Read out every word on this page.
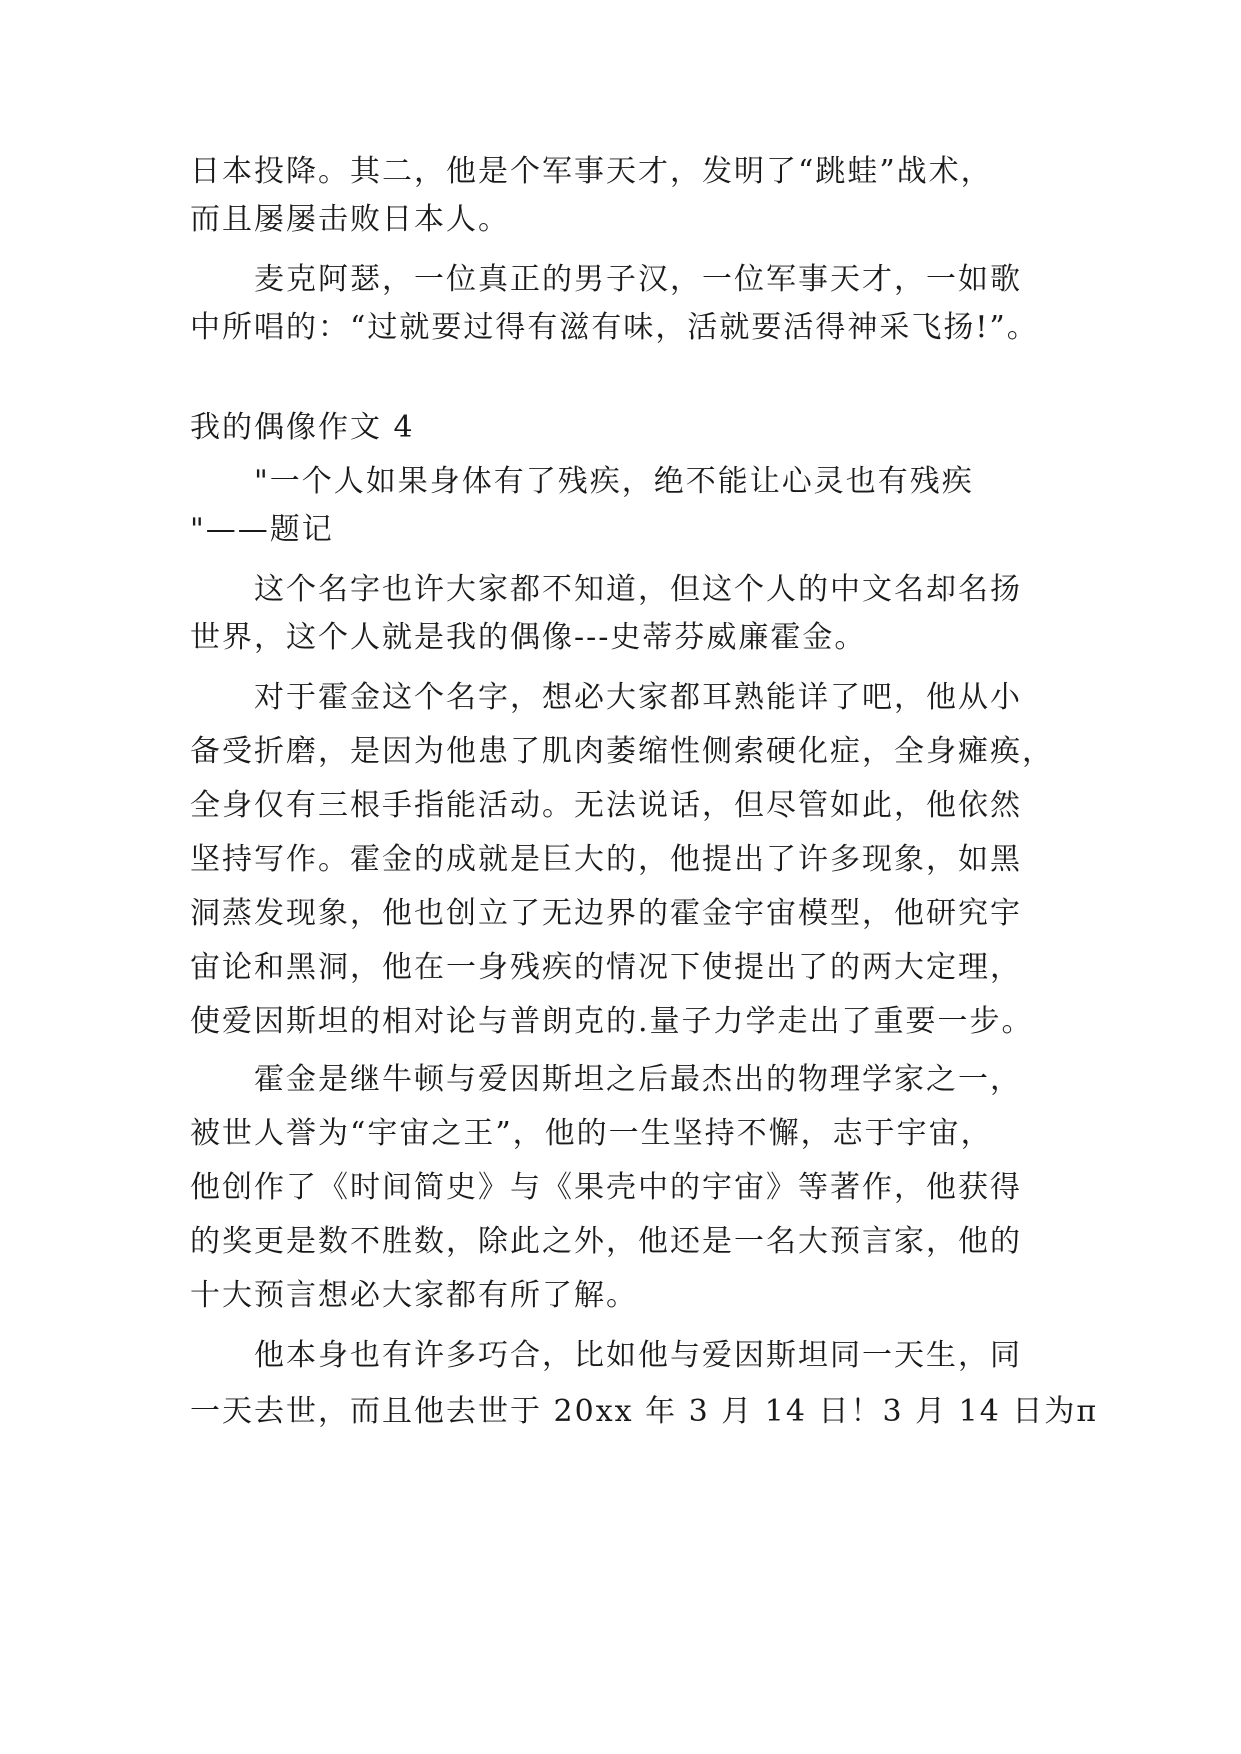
日本投降。其二，他是个军事天才，发明了“跳蛙”战术，
而且屡屡击败日本人。
麦克阿瑟，一位真正的男子汉，一位军事天才，一如歌
中所唱的：“过就要过得有滋有味，活就要活得神采飞扬!”。
我的偶像作文 4
"一个人如果身体有了残疾，绝不能让心灵也有残疾
"——题记
这个名字也许大家都不知道，但这个人的中文名却名扬
世界，这个人就是我的偶像---史蒂芬威廉霍金。
对于霍金这个名字，想必大家都耳熟能详了吧，他从小
备受折磨，是因为他患了肌肉萎缩性侧索硬化症，全身瘫痪，
全身仅有三根手指能活动。无法说话，但尽管如此，他依然
坚持写作。霍金的成就是巨大的，他提出了许多现象，如黑
洞蒸发现象，他也创立了无边界的霍金宇宙模型，他研究宇
宙论和黑洞，他在一身残疾的情况下使提出了的两大定理，
使爱因斯坦的相对论与普朗克的.量子力学走出了重要一步。
霍金是继牛顿与爱因斯坦之后最杰出的物理学家之一，
被世人誉为“宇宙之王”，他的一生坚持不懈，志于宇宙，
他创作了《时间简史》与《果壳中的宇宙》等著作，他获得
的奖更是数不胜数，除此之外，他还是一名大预言家，他的
十大预言想必大家都有所了解。
他本身也有许多巧合，比如他与爱因斯坦同一天生，同
一天去世，而且他去世于 20xx 年 3 月 14 日！3 月 14 日为π
